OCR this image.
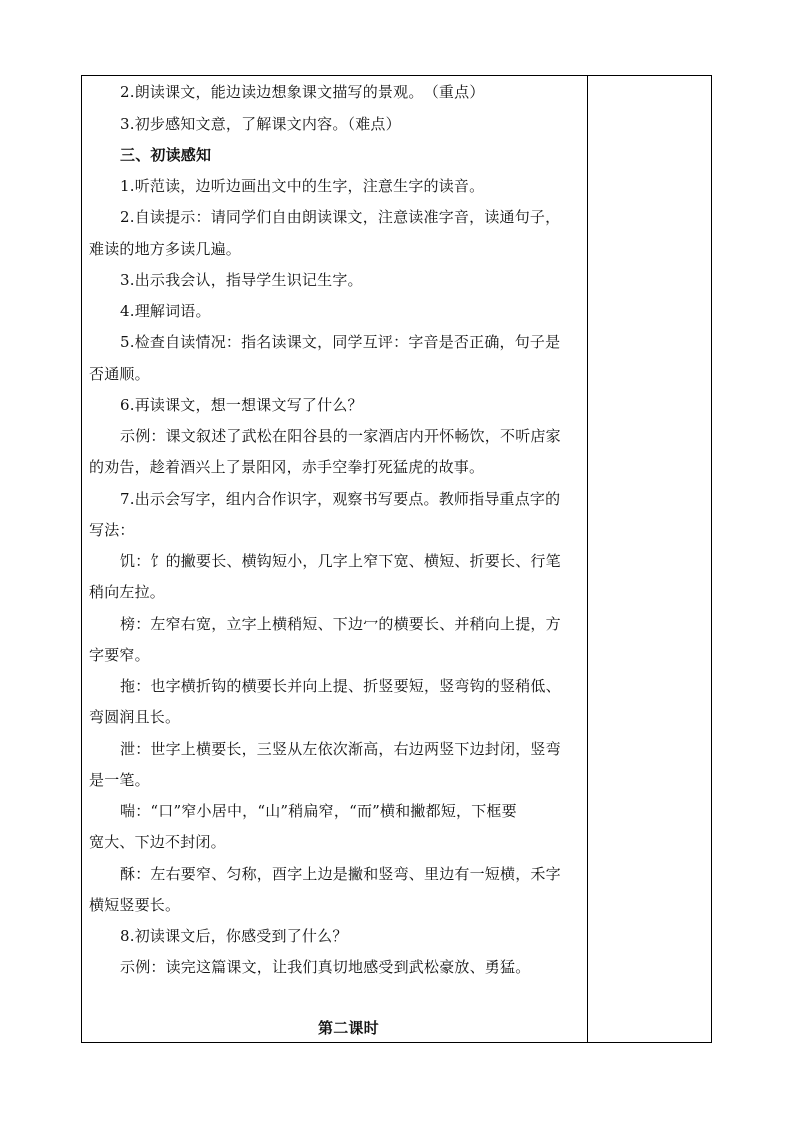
2.朗读课文，能边读边想象课文描写的景观。　（重点）
3.初步感知文意，了解课文内容。（难点）
三、初读感知
1.听范读，边听边画出文中的生字，注意生字的读音。
2.自读提示：请同学们自由朗读课文，注意读准字音，读通句子，
难读的地方多读几遍。
3.出示我会认，指导学生识记生字。
4.理解词语。
5.检查自读情况：指名读课文，同学互评：字音是否正确，句子是
否通顺。
6.再读课文，想一想课文写了什么？
示例：课文叙述了武松在阳谷县的一家酒店内开怀畅饮，不听店家
的劝告，趁着酒兴上了景阳冈，赤手空拳打死猛虎的故事。
7.出示会写字，组内合作识字，观察书写要点。教师指导重点字的
写法：
饥：饣的撇要长、横钩短小，几字上窄下宽、横短、折要长、行笔
稍向左拉。
榜：左窄右宽，立字上横稍短、下边冖的横要长、并稍向上提，方
字要窄。
拖：也字横折钩的横要长并向上提、折竖要短，竖弯钩的竖稍低、
弯圆润且长。
泄：世字上横要长，三竖从左依次渐高，右边两竖下边封闭，竖弯
是一笔。
喘：“口”窄小居中，“山”稍扁窄，“而”横和撇都短，下框要
宽大、下边不封闭。
酥：左右要窄、匀称，酉字上边是撇和竖弯、里边有一短横，禾字
横短竖要长。
8.初读课文后，你感受到了什么？
示例：读完这篇课文，让我们真切地感受到武松豪放、勇猛。
第二课时
